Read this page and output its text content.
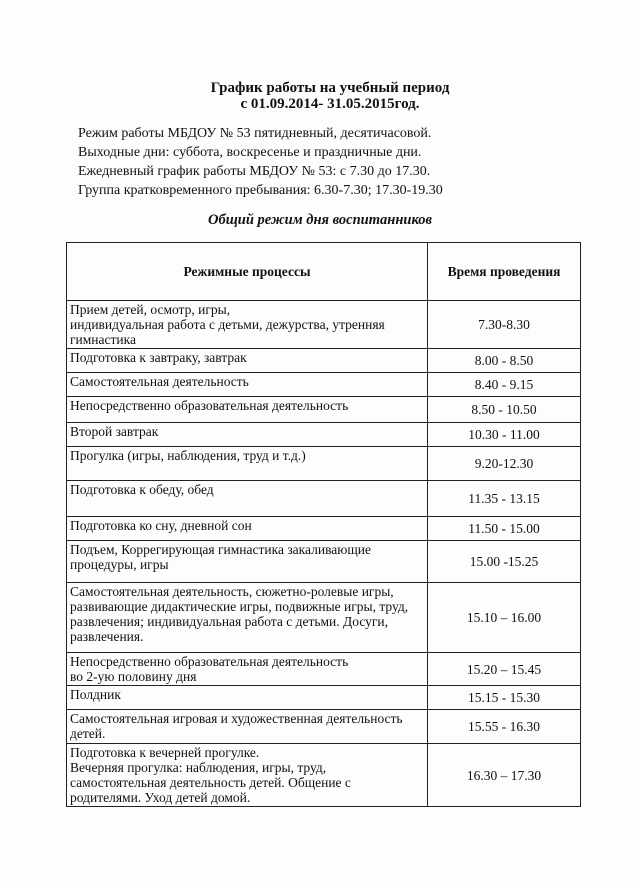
График работы на учебный период
с 01.09.2014- 31.05.2015год.
Режим работы МБДОУ № 53 пятидневный, десятичасовой.
Выходные дни: суббота, воскресенье и праздничные дни.
Ежедневный график работы МБДОУ № 53: с 7.30 до 17.30.
Группа кратковременного пребывания: 6.30-7.30; 17.30-19.30
Общий режим дня воспитанников
Режимные процессы	Время проведения
Прием детей, осмотр, игры,
индивидуальная работа с детьми, дежурства, утренняя гимнастика	7.30-8.30
Подготовка к завтраку, завтрак	8.00 - 8.50
Самостоятельная деятельность	8.40 - 9.15
Непосредственно образовательная деятельность	8.50 - 10.50
Второй завтрак	10.30 - 11.00
Прогулка (игры, наблюдения, труд и т.д.)	9.20-12.30
Подготовка к обеду, обед	11.35 - 13.15
Подготовка ко сну, дневной сон	11.50 - 15.00
Подъем, Коррегирующая гимнастика закаливающие процедуры, игры	15.00 -15.25
Самостоятельная деятельность, сюжетно-ролевые игры, развивающие дидактические игры, подвижные игры, труд, развлечения; индивидуальная работа с детьми. Досуги, развлечения.	15.10 – 16.00
Непосредственно образовательная деятельность
во 2-ую половину дня	15.20 – 15.45
Полдник	15.15 - 15.30
Самостоятельная игровая и художественная деятельность детей.	15.55 - 16.30
Подготовка к вечерней прогулке.
Вечерняя прогулка: наблюдения, игры, труд, самостоятельная деятельность детей. Общение с родителями. Уход детей домой.	16.30 – 17.30
